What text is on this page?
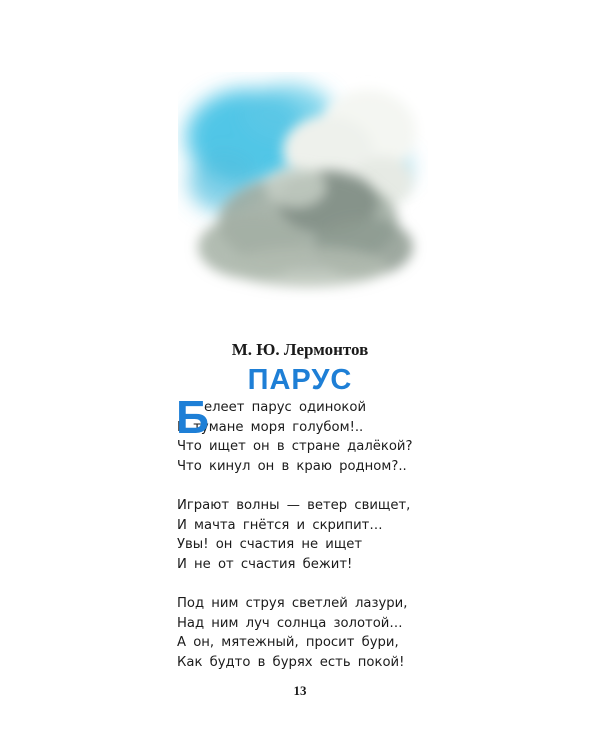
М. Ю. Лермонтов
ПАРУС
Б
елеет парус одинокой
В тумане моря голубом!..
Что ищет он в стране далёкой?
Что кинул он в краю родном?..
Играют волны — ветер свищет,
И мачта гнётся и скрипит…
Увы! он счастия не ищет
И не от счастия бежит!
Под ним струя светлей лазури,
Над ним луч солнца золотой…
А он, мятежный, просит бури,
Как будто в бурях есть покой!
13
